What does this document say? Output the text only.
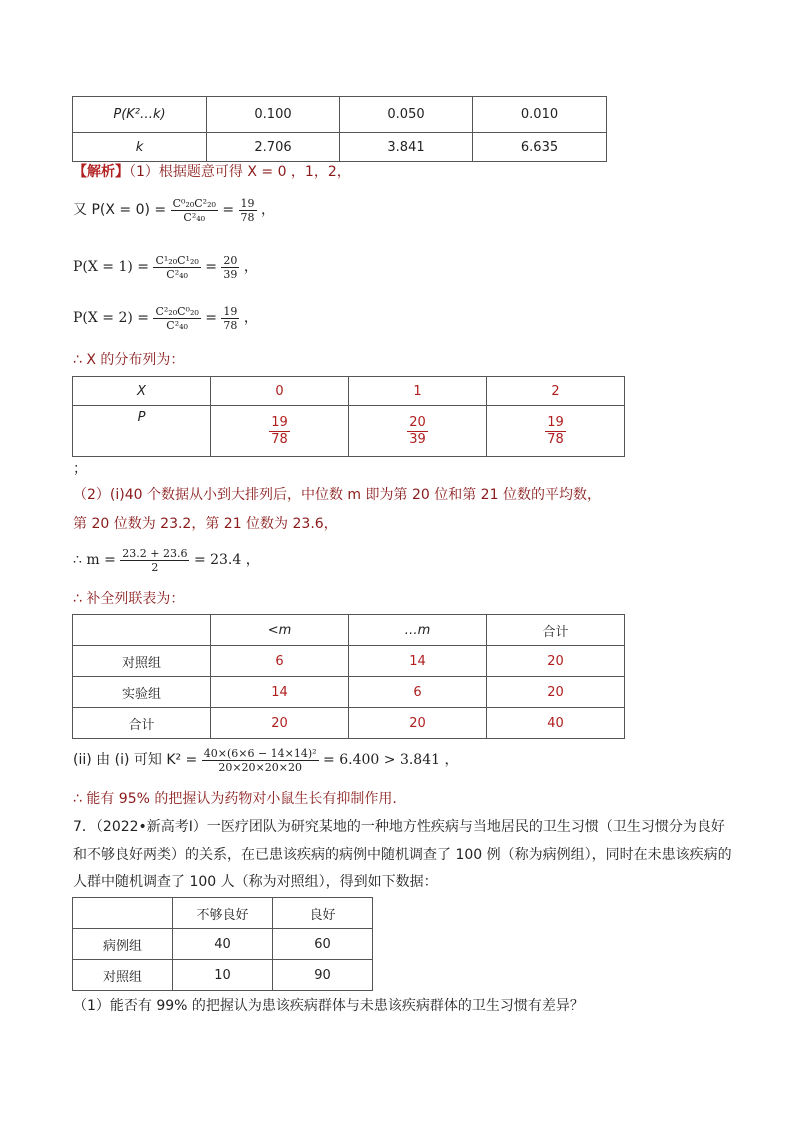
P(K²…k)	0.100	0.050	0.010
k	2.706	3.841	6.635
【解析】（1）根据题意可得 X = 0 ，1，2，
又 $P(X = 0) = \frac{\text{C⁰₂₀C²₂₀}}{\text{C²₄₀}} = \frac{19}{78}$ ，
$P(X = 1) = \frac{\text{C¹₂₀C¹₂₀}}{\text{C²₄₀}} = \frac{20}{39}$ ，
$P(X = 2) = \frac{\text{C²₂₀C⁰₂₀}}{\text{C²₄₀}} = \frac{19}{78}$ ，
∴ X 的分布列为：
X	0	1	2
P	$\frac{19}{78}$	$\frac{20}{39}$	$\frac{19}{78}$
；
（2）(i)40 个数据从小到大排列后，中位数 m 即为第 20 位和第 21 位数的平均数，
第 20 位数为 23.2，第 21 位数为 23.6，
∴ $m = \frac{23.2 + 23.6}{2} = 23.4$ ，
∴ 补全列联表为：
	<m	…m	合计
对照组	6	14	20
实验组	14	6	20
合计	20	20	40
(ii) 由 (i) 可知 $K^2 = \frac{\text{40×(6×6 − 14×14)²}}{20\times 20\times 20\times 20} = 6.400 > 3.841$ ，
∴ 能有 95% 的把握认为药物对小鼠生长有抑制作用.
7．（2022•新高考Ⅰ）一医疗团队为研究某地的一种地方性疾病与当地居民的卫生习惯（卫生习惯分为良好
和不够良好两类）的关系，在已患该疾病的病例中随机调查了 100 例（称为病例组），同时在未患该疾病的
人群中随机调查了 100 人（称为对照组），得到如下数据：
	不够良好	良好
病例组	40	60
对照组	10	90
（1）能否有 99% 的把握认为患该疾病群体与未患该疾病群体的卫生习惯有差异？
